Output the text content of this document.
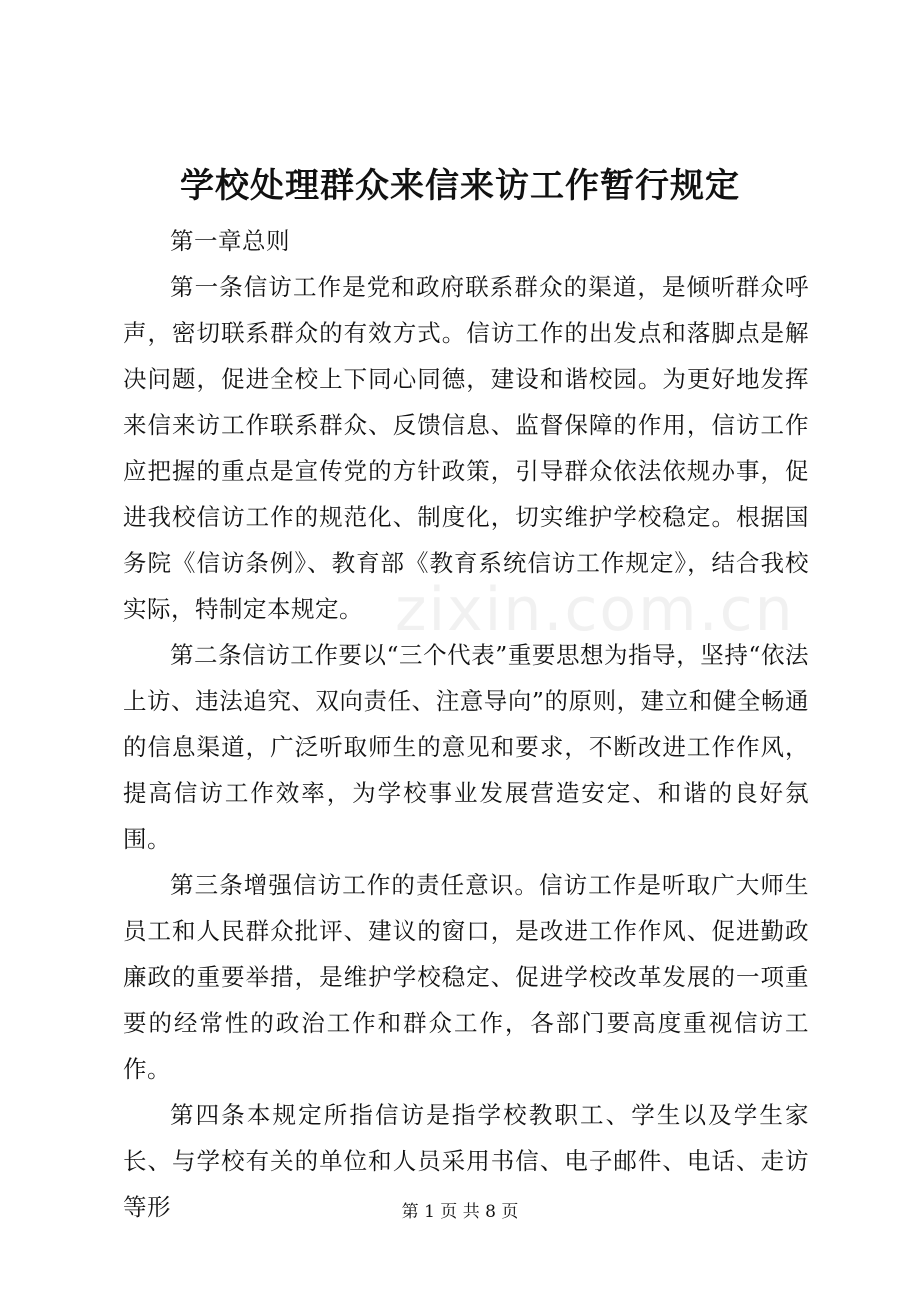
zixin.com.cn
学校处理群众来信来访工作暂行规定

第一章总则

第一条信访工作是党和政府联系群众的渠道，是倾听群众呼声，密切联系群众的有效方式。信访工作的出发点和落脚点是解决问题，促进全校上下同心同德，建设和谐校园。为更好地发挥来信来访工作联系群众、反馈信息、监督保障的作用，信访工作应把握的重点是宣传党的方针政策，引导群众依法依规办事，促进我校信访工作的规范化、制度化，切实维护学校稳定。根据国务院《信访条例》、教育部《教育系统信访工作规定》，结合我校实际，特制定本规定。

第二条信访工作要以“三个代表”重要思想为指导，坚持“依法上访、违法追究、双向责任、注意导向”的原则，建立和健全畅通的信息渠道，广泛听取师生的意见和要求，不断改进工作作风，提高信访工作效率，为学校事业发展营造安定、和谐的良好氛围。

第三条增强信访工作的责任意识。信访工作是听取广大师生员工和人民群众批评、建议的窗口，是改进工作作风、促进勤政廉政的重要举措，是维护学校稳定、促进学校改革发展的一项重要的经常性的政治工作和群众工作，各部门要高度重视信访工作。

第四条本规定所指信访是指学校教职工、学生以及学生家长、与学校有关的单位和人员采用书信、电子邮件、电话、走访等形	第 1 页 共 8 页
